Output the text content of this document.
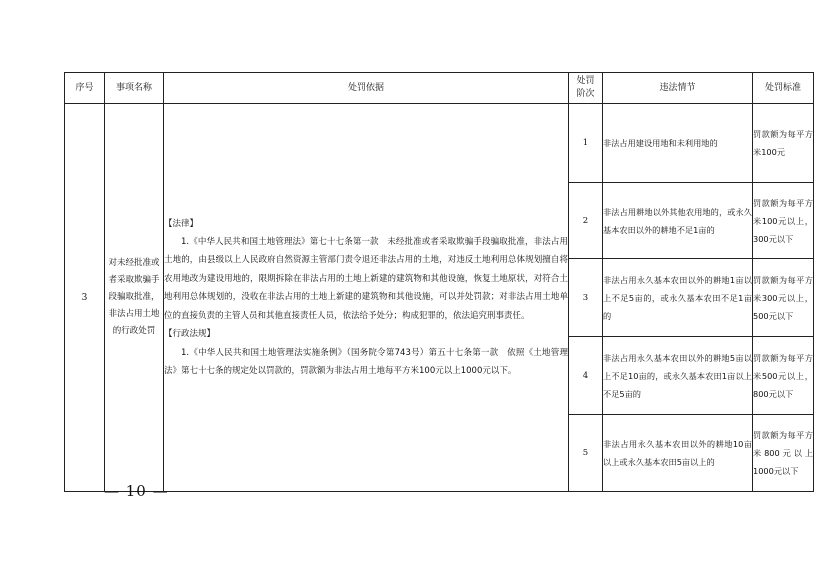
序号	事项名称	处罚依据	处罚阶次	违法情节	处罚标准
3	对未经批准或者采取欺骗手段骗取批准，非法占用土地的行政处罚	【法律】

1.《中华人民共和国土地管理法》第七十七条第一款　未经批准或者采取欺骗手段骗取批准，非法占用土地的，由县级以上人民政府自然资源主管部门责令退还非法占用的土地，对违反土地利用总体规划擅自将农用地改为建设用地的，限期拆除在非法占用的土地上新建的建筑物和其他设施，恢复土地原状，对符合土地利用总体规划的，没收在非法占用的土地上新建的建筑物和其他设施，可以并处罚款；对非法占用土地单位的直接负责的主管人员和其他直接责任人员，依法给予处分；构成犯罪的，依法追究刑事责任。

【行政法规】

1.《中华人民共和国土地管理法实施条例》（国务院令第743号）第五十七条第一款　依照《土地管理法》第七十七条的规定处以罚款的，罚款额为非法占用土地每平方米100元以上1000元以下。	1	非法占用建设用地和未利用地的	罚款额为每平方米100元
			2	非法占用耕地以外其他农用地的，或永久基本农田以外的耕地不足1亩的	罚款额为每平方米100元以上，300元以下
			3	非法占用永久基本农田以外的耕地1亩以上不足5亩的，或永久基本农田不足1亩的	罚款额为每平方米300元以上，500元以下
			4	非法占用永久基本农田以外的耕地5亩以上不足10亩的，或永久基本农田1亩以上不足5亩的	罚款额为每平方米500元以上，800元以下
			5	非法占用永久基本农田以外的耕地10亩以上或永久基本农田5亩以上的	罚款额为每平方米800元以上1000元以下
— 10 —
